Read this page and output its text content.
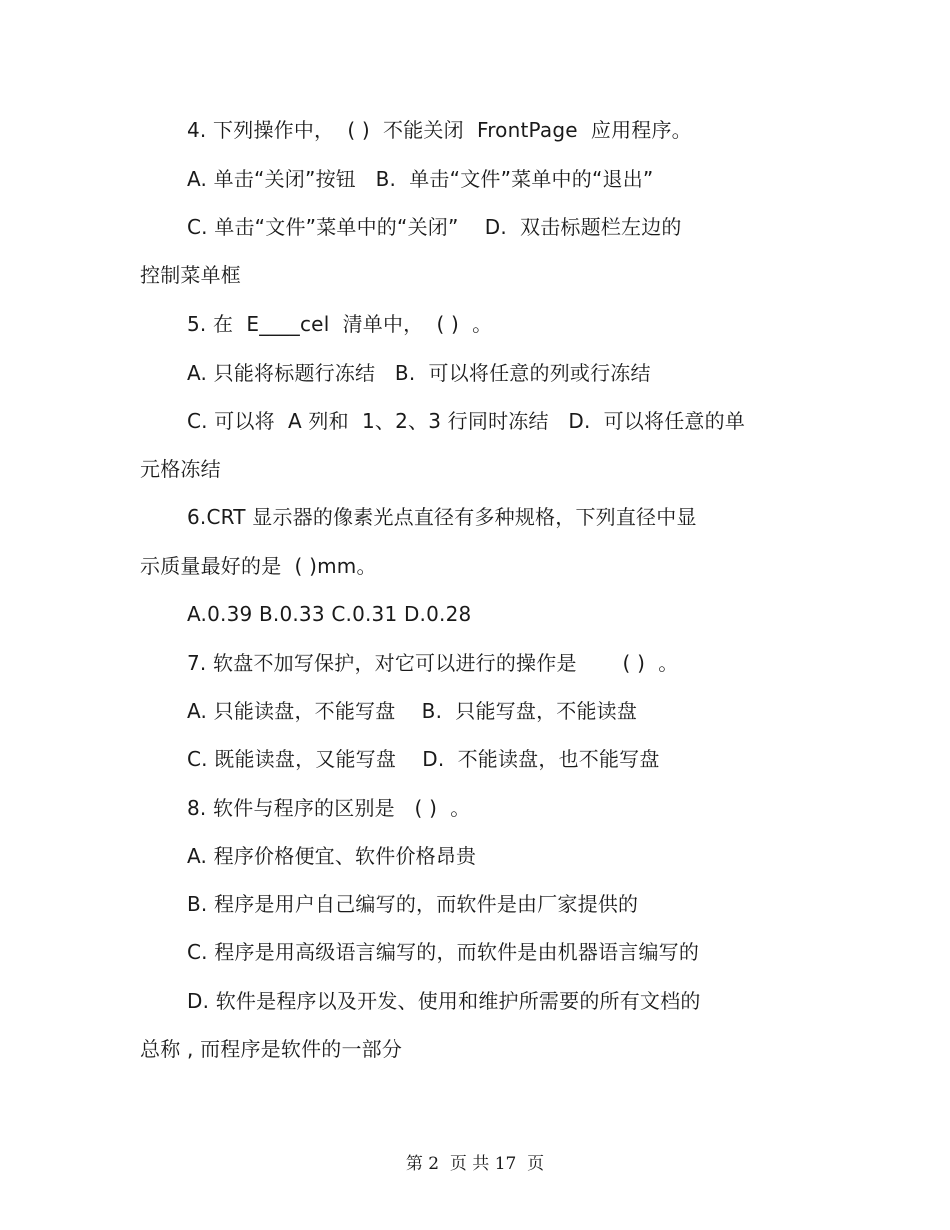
4. 下列操作中，  ( )  不能关闭  FrontPage  应用程序。
A. 单击“关闭”按钮   B.  单击“文件”菜单中的“退出”
C. 单击“文件”菜单中的“关闭”    D.  双击标题栏左边的
控制菜单框
5. 在  E____cel  清单中，  ( )  。
A. 只能将标题行冻结   B.  可以将任意的列或行冻结
C. 可以将  A 列和  1、2、3 行同时冻结   D.  可以将任意的单
元格冻结
6.CRT 显示器的像素光点直径有多种规格，下列直径中显
示质量最好的是  ( )mm。
A.0.39 B.0.33 C.0.31 D.0.28
7. 软盘不加写保护，对它可以进行的操作是       ( )  。
A. 只能读盘，不能写盘    B.  只能写盘，不能读盘
C. 既能读盘，又能写盘    D.  不能读盘，也不能写盘
8. 软件与程序的区别是   ( )  。
A. 程序价格便宜、软件价格昂贵
B. 程序是用户自己编写的，而软件是由厂家提供的
C. 程序是用高级语言编写的，而软件是由机器语言编写的
D. 软件是程序以及开发、使用和维护所需要的所有文档的
总称 , 而程序是软件的一部分
第 2  页 共 17  页
